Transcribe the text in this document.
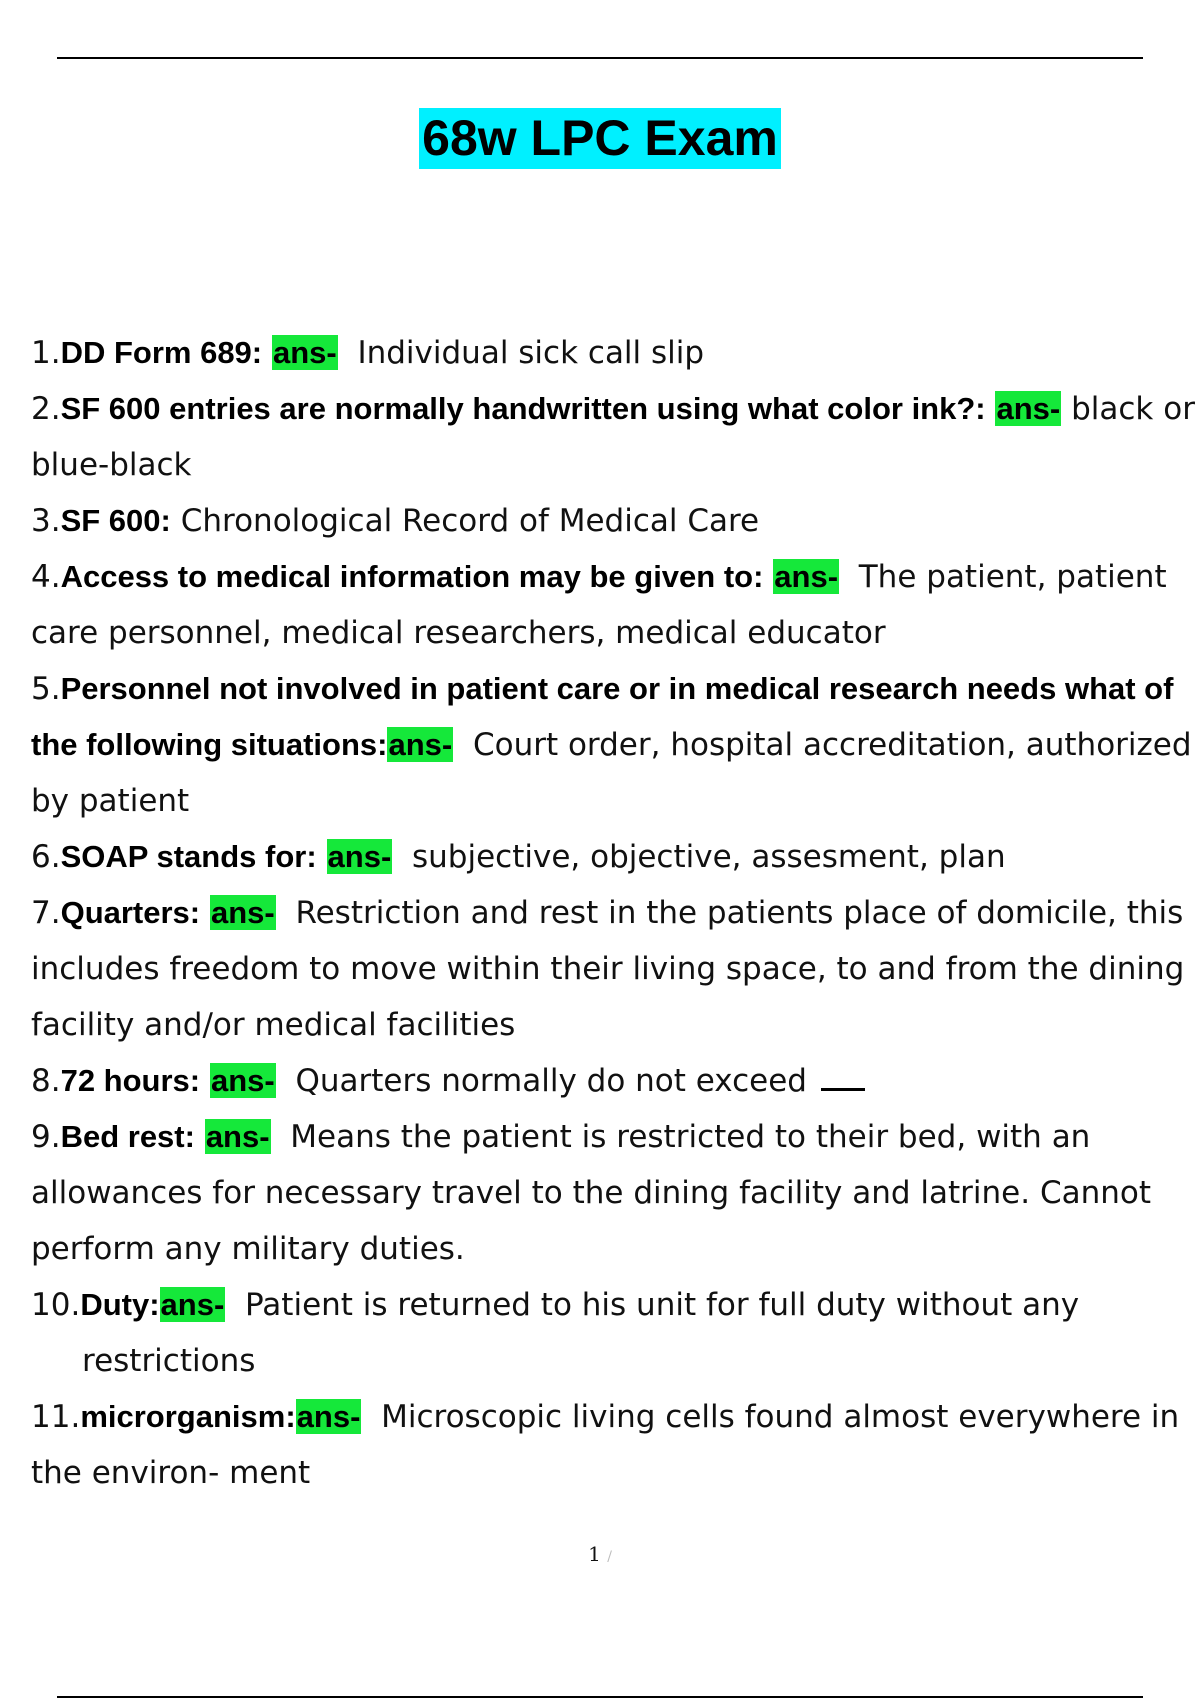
68w LPC Exam
1.DD Form 689: ans- Individual sick call slip
2.SF 600 entries are normally handwritten using what color ink?: ans- black or blue-black
3.SF 600: Chronological Record of Medical Care
4.Access to medical information may be given to: ans- The patient, patient care personnel, medical researchers, medical educator
5.Personnel not involved in patient care or in medical research needs what of the following situations:ans- Court order, hospital accreditation, authorized by patient
6.SOAP stands for: ans- subjective, objective, assesment, plan
7.Quarters: ans- Restriction and rest in the patients place of domicile, this includes freedom to move within their living space, to and from the dining facility and/or medical facilities
8.72 hours: ans- Quarters normally do not exceed
9.Bed rest: ans- Means the patient is restricted to their bed, with an allowances for necessary travel to the dining facility and latrine. Cannot perform any military duties.
10.Duty:ans- Patient is returned to his unit for full duty without any restrictions
11.microrganism:ans- Microscopic living cells found almost everywhere in the environ- ment
1 /
